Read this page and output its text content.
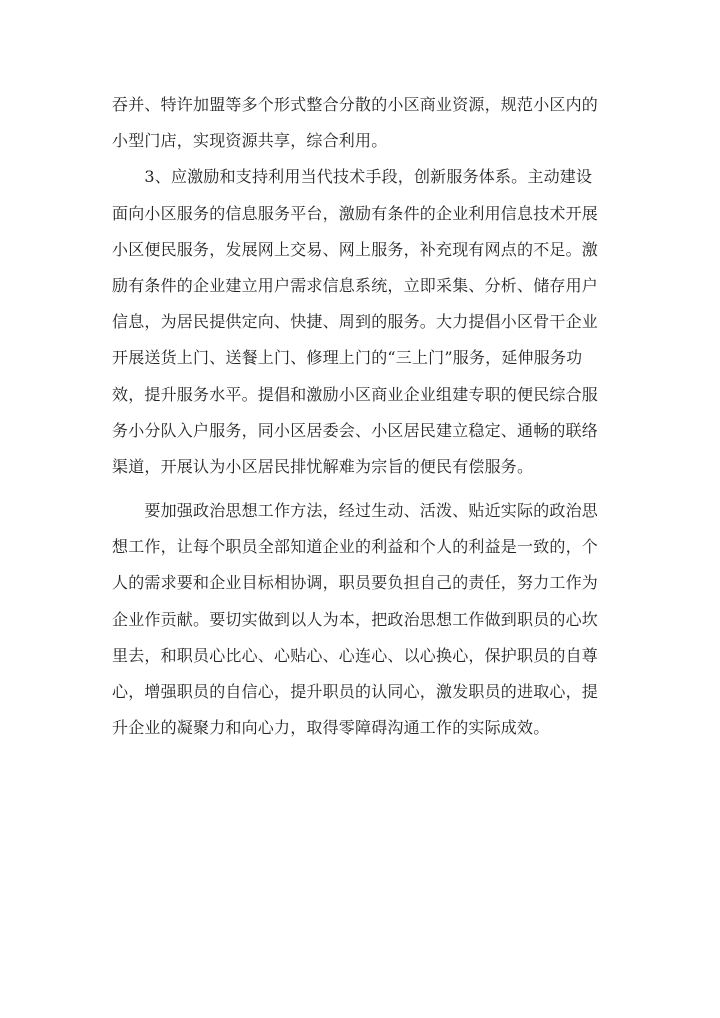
吞并、特许加盟等多个形式整合分散的小区商业资源，规范小区内的
小型门店，实现资源共享，综合利用。
　　3、应激励和支持利用当代技术手段，创新服务体系。主动建设
面向小区服务的信息服务平台，激励有条件的企业利用信息技术开展
小区便民服务，发展网上交易、网上服务，补充现有网点的不足。激
励有条件的企业建立用户需求信息系统，立即采集、分析、储存用户
信息，为居民提供定向、快捷、周到的服务。大力提倡小区骨干企业
开展送货上门、送餐上门、修理上门的“三上门”服务，延伸服务功
效，提升服务水平。提倡和激励小区商业企业组建专职的便民综合服
务小分队入户服务，同小区居委会、小区居民建立稳定、通畅的联络
渠道，开展认为小区居民排忧解难为宗旨的便民有偿服务。
　　要加强政治思想工作方法，经过生动、活泼、贴近实际的政治思
想工作，让每个职员全部知道企业的利益和个人的利益是一致的，个
人的需求要和企业目标相协调，职员要负担自己的责任，努力工作为
企业作贡献。要切实做到以人为本，把政治思想工作做到职员的心坎
里去，和职员心比心、心贴心、心连心、以心换心，保护职员的自尊
心，增强职员的自信心，提升职员的认同心，激发职员的进取心，提
升企业的凝聚力和向心力，取得零障碍沟通工作的实际成效。
